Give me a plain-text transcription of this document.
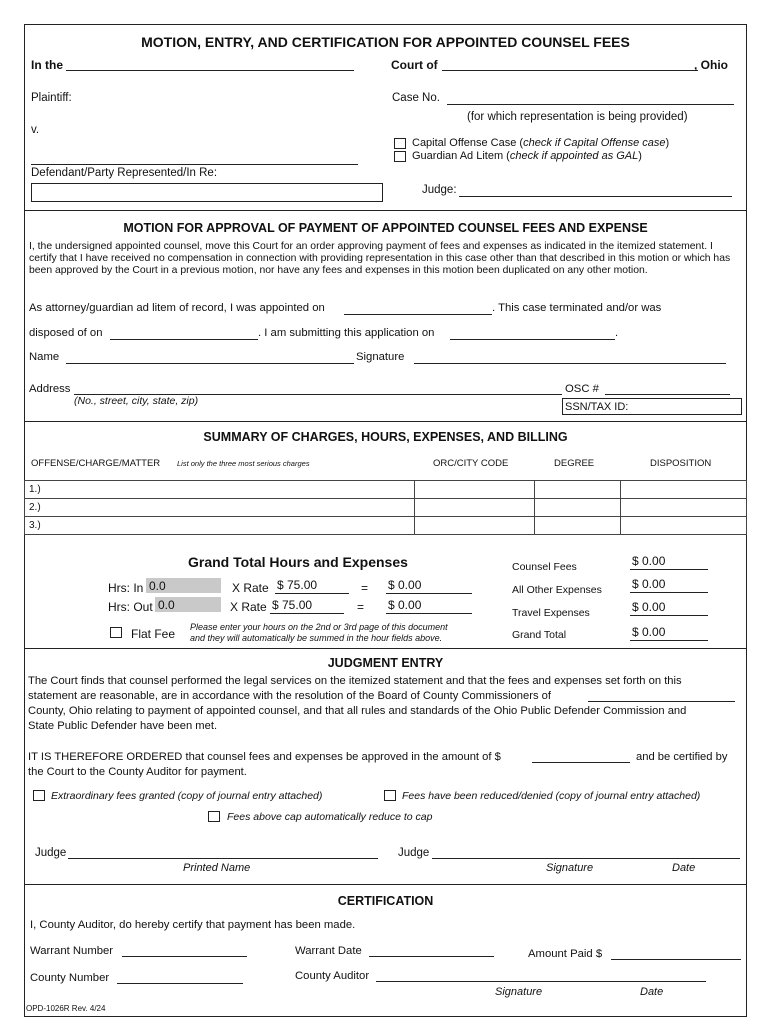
MOTION, ENTRY, AND CERTIFICATION FOR APPOINTED COUNSEL FEES
In the	Court of	, Ohio
Plaintiff:
v.
Defendant/Party Represented/In Re:
Case No.
(for which representation is being provided)
Capital Offense Case (check if Capital Offense case)
Guardian Ad Litem (check if appointed as GAL)
Judge:
MOTION FOR APPROVAL OF PAYMENT OF APPOINTED COUNSEL FEES AND EXPENSE
I, the undersigned appointed counsel, move this Court for an order approving payment of fees and expenses as indicated in the itemized statement. I certify that I have received no compensation in connection with providing representation in this case other than that described in this motion or which has been approved by the Court in a previous motion, nor have any fees and expenses in this motion been duplicated on any other motion.
As attorney/guardian ad litem of record, I was appointed on	. This case terminated and/or was
disposed of on	. I am submitting this application on	.
Name	Signature
Address
(No., street, city, state, zip)
OSC #
SSN/TAX ID:
SUMMARY OF CHARGES, HOURS, EXPENSES, AND BILLING
OFFENSE/CHARGE/MATTER List only the three most serious charges	ORC/CITY CODE	DEGREE	DISPOSITION
1.)			
2.)			
3.)			
Grand Total Hours and Expenses
Hrs: In 0.0	X Rate $ 75.00	= $ 0.00
Hrs: Out 0.0	X Rate $ 75.00	= $ 0.00
Flat Fee Please enter your hours on the 2nd or 3rd page of this document and they will automatically be summed in the hour fields above.
Counsel Fees	$ 0.00
All Other Expenses	$ 0.00
Travel Expenses	$ 0.00
Grand Total	$ 0.00
JUDGMENT ENTRY
The Court finds that counsel performed the legal services on the itemized statement and that the fees and expenses set forth on this
statement are reasonable, are in accordance with the resolution of the Board of County Commissioners of
County, Ohio relating to payment of appointed counsel, and that all rules and standards of the Ohio Public Defender Commission and
State Public Defender have been met.
IT IS THEREFORE ORDERED that counsel fees and expenses be approved in the amount of $	and be certified by
the Court to the County Auditor for payment.
Extraordinary fees granted (copy of journal entry attached)	Fees have been reduced/denied (copy of journal entry attached)
Fees above cap automatically reduce to cap
Judge
Printed Name
Judge
Signature	Date
CERTIFICATION
I, County Auditor, do hereby certify that payment has been made.
Warrant Number	Warrant Date	Amount Paid $
County Number	County Auditor
Signature	Date
OPD-1026R Rev. 4/24
